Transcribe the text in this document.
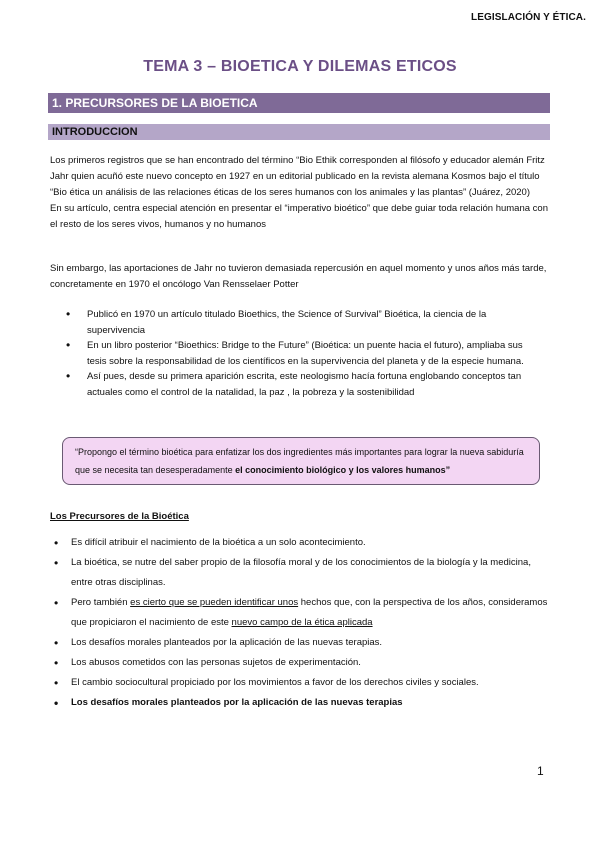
LEGISLACIÓN Y ÉTICA.
TEMA 3 – BIOETICA Y DILEMAS ETICOS
1. PRECURSORES DE LA BIOETICA
INTRODUCCION
Los primeros registros que se han encontrado del término “Bio Ethik corresponden al filósofo y educador alemán Fritz Jahr quien acuñó este nuevo concepto en 1927 en un editorial publicado en la revista alemana Kosmos bajo el título “Bio ética un análisis de las relaciones éticas de los seres humanos con los animales y las plantas” (Juárez, 2020)
En su artículo, centra especial atención en presentar el “imperativo bioético” que debe guiar toda relación humana con el resto de los seres vivos, humanos y no humanos
Sin embargo, las aportaciones de Jahr no tuvieron demasiada repercusión en aquel momento y unos años más tarde, concretamente en 1970 el oncólogo Van Rensselaer Potter
• Publicó en 1970 un artículo titulado Bioethics, the Science of Survival” Bioética, la ciencia de la supervivencia
• En un libro posterior “Bioethics: Bridge to the Future” (Bioética: un puente hacia el futuro), ampliaba sus tesis sobre la responsabilidad de los científicos en la supervivencia del planeta y de la especie humana.
• Así pues, desde su primera aparición escrita, este neologismo hacía fortuna englobando conceptos tan actuales como el control de la natalidad, la paz , la pobreza y la sostenibilidad
“Propongo el término bioética para enfatizar los dos ingredientes más importantes para lograr la nueva sabiduría que se necesita tan desesperadamente el conocimiento biológico y los valores humanos”
Los Precursores de la Bioética
• Es difícil atribuir el nacimiento de la bioética a un solo acontecimiento.
• La bioética, se nutre del saber propio de la filosofía moral y de los conocimientos de la biología y la medicina, entre otras disciplinas.
• Pero también es cierto que se pueden identificar unos hechos que, con la perspectiva de los años, consideramos que propiciaron el nacimiento de este nuevo campo de la ética aplicada
• Los desafíos morales planteados por la aplicación de las nuevas terapias.
• Los abusos cometidos con las personas sujetos de experimentación.
• El cambio sociocultural propiciado por los movimientos a favor de los derechos civiles y sociales.
• Los desafíos morales planteados por la aplicación de las nuevas terapias
1
